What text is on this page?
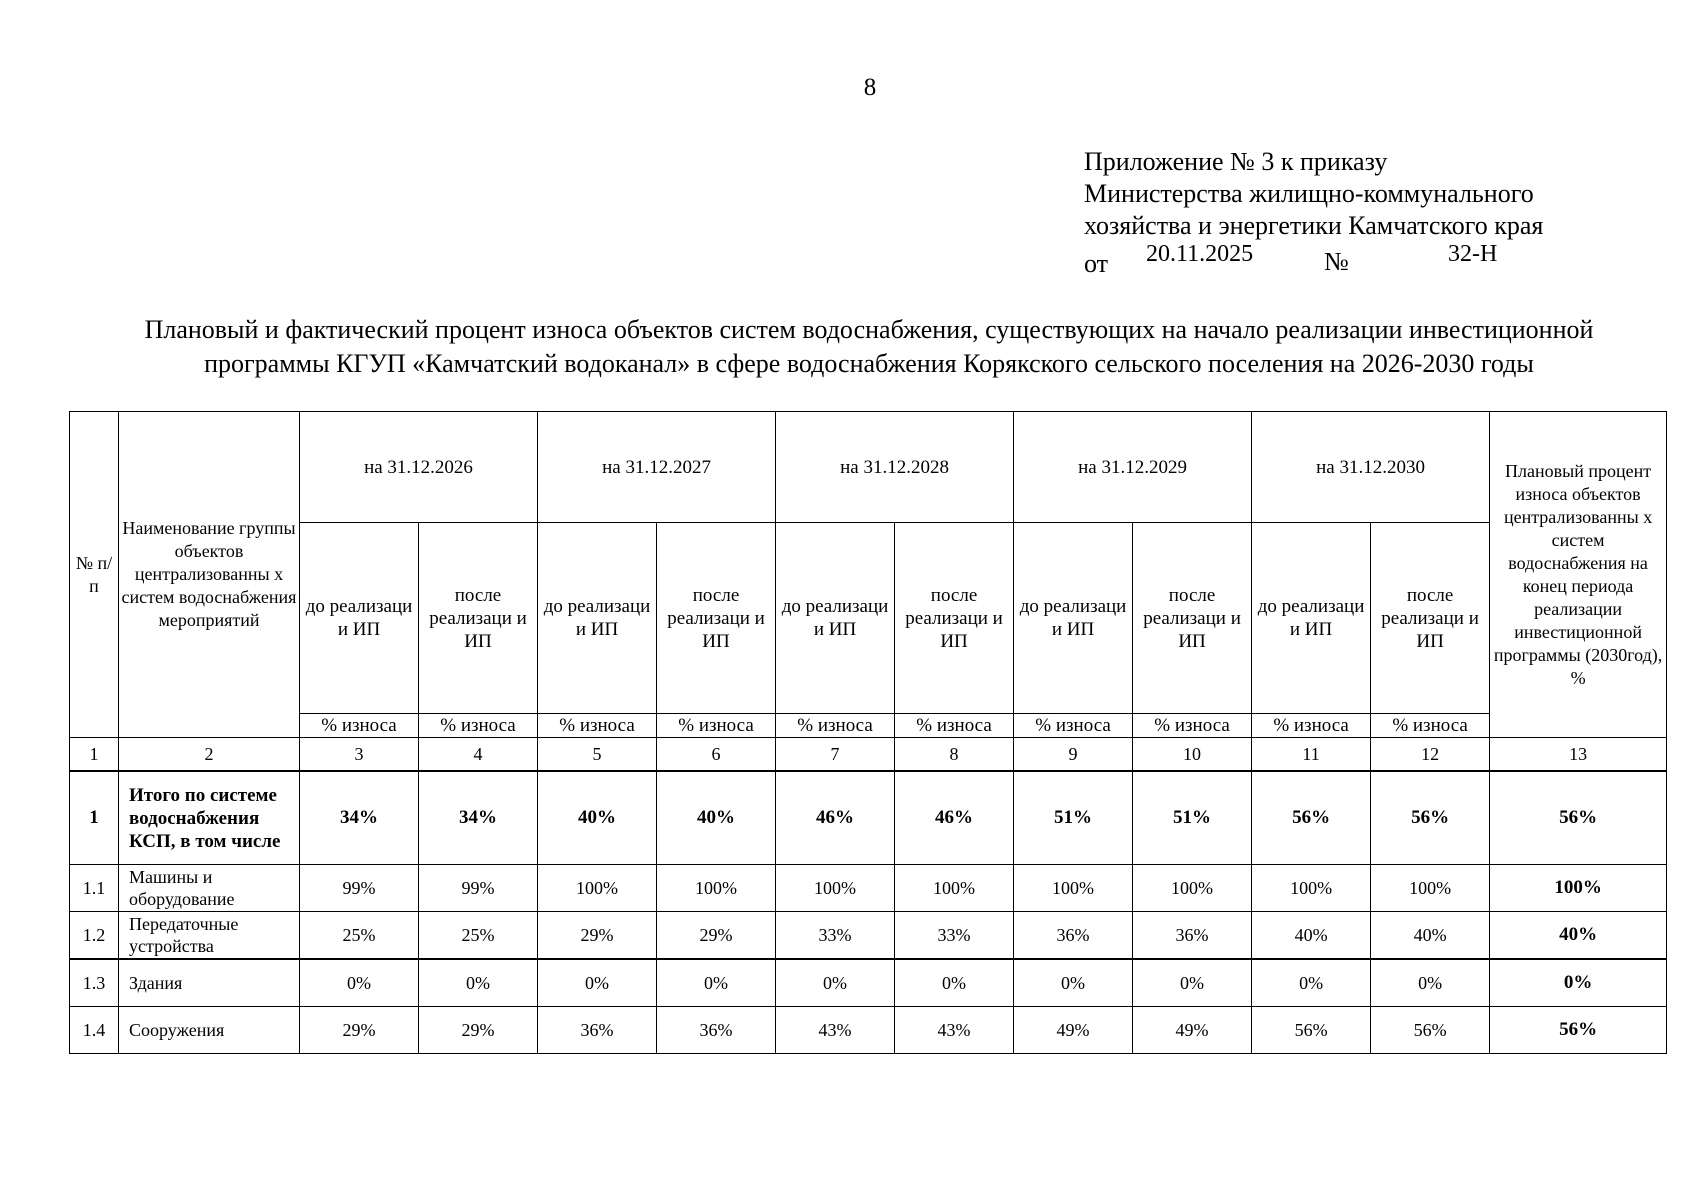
8
Приложение № 3 к приказу
Министерства жилищно-коммунального
хозяйства и энергетики Камчатского края
от 20.11.2025	№	32-Н
Плановый и фактический процент износа объектов систем водоснабжения, существующих на начало реализации инвестиционной
программы КГУП «Камчатский водоканал» в сфере водоснабжения Корякского сельского поселения на 2026-2030 годы
№ п/п	Наименование группы объектов централизованны х систем водоснабжения мероприятий	на 31.12.2026		на 31.12.2027		на 31.12.2028		на 31.12.2029		на 31.12.2030		Плановый процент износа объектов централизованны х систем водоснабжения на конец периода реализации инвестиционной программы (2030год), %
		до реализаци и ИП	после реализаци и ИП	до реализаци и ИП	после реализаци и ИП	до реализаци и ИП	после реализаци и ИП	до реализаци и ИП	после реализаци и ИП	до реализаци и ИП	после реализаци и ИП	
		% износа	% износа	% износа	% износа	% износа	% износа	% износа	% износа	% износа	% износа	
1	2	3	4	5	6	7	8	9	10	11	12	13
1	Итого по системе водоснабжения КСП, в том числе	34%	34%	40%	40%	46%	46%	51%	51%	56%	56%	56%
1.1	Машины и оборудование	99%	99%	100%	100%	100%	100%	100%	100%	100%	100%	100%
1.2	Передаточные устройства	25%	25%	29%	29%	33%	33%	36%	36%	40%	40%	40%
1.3	Здания	0%	0%	0%	0%	0%	0%	0%	0%	0%	0%	0%
1.4	Сооружения	29%	29%	36%	36%	43%	43%	49%	49%	56%	56%	56%
